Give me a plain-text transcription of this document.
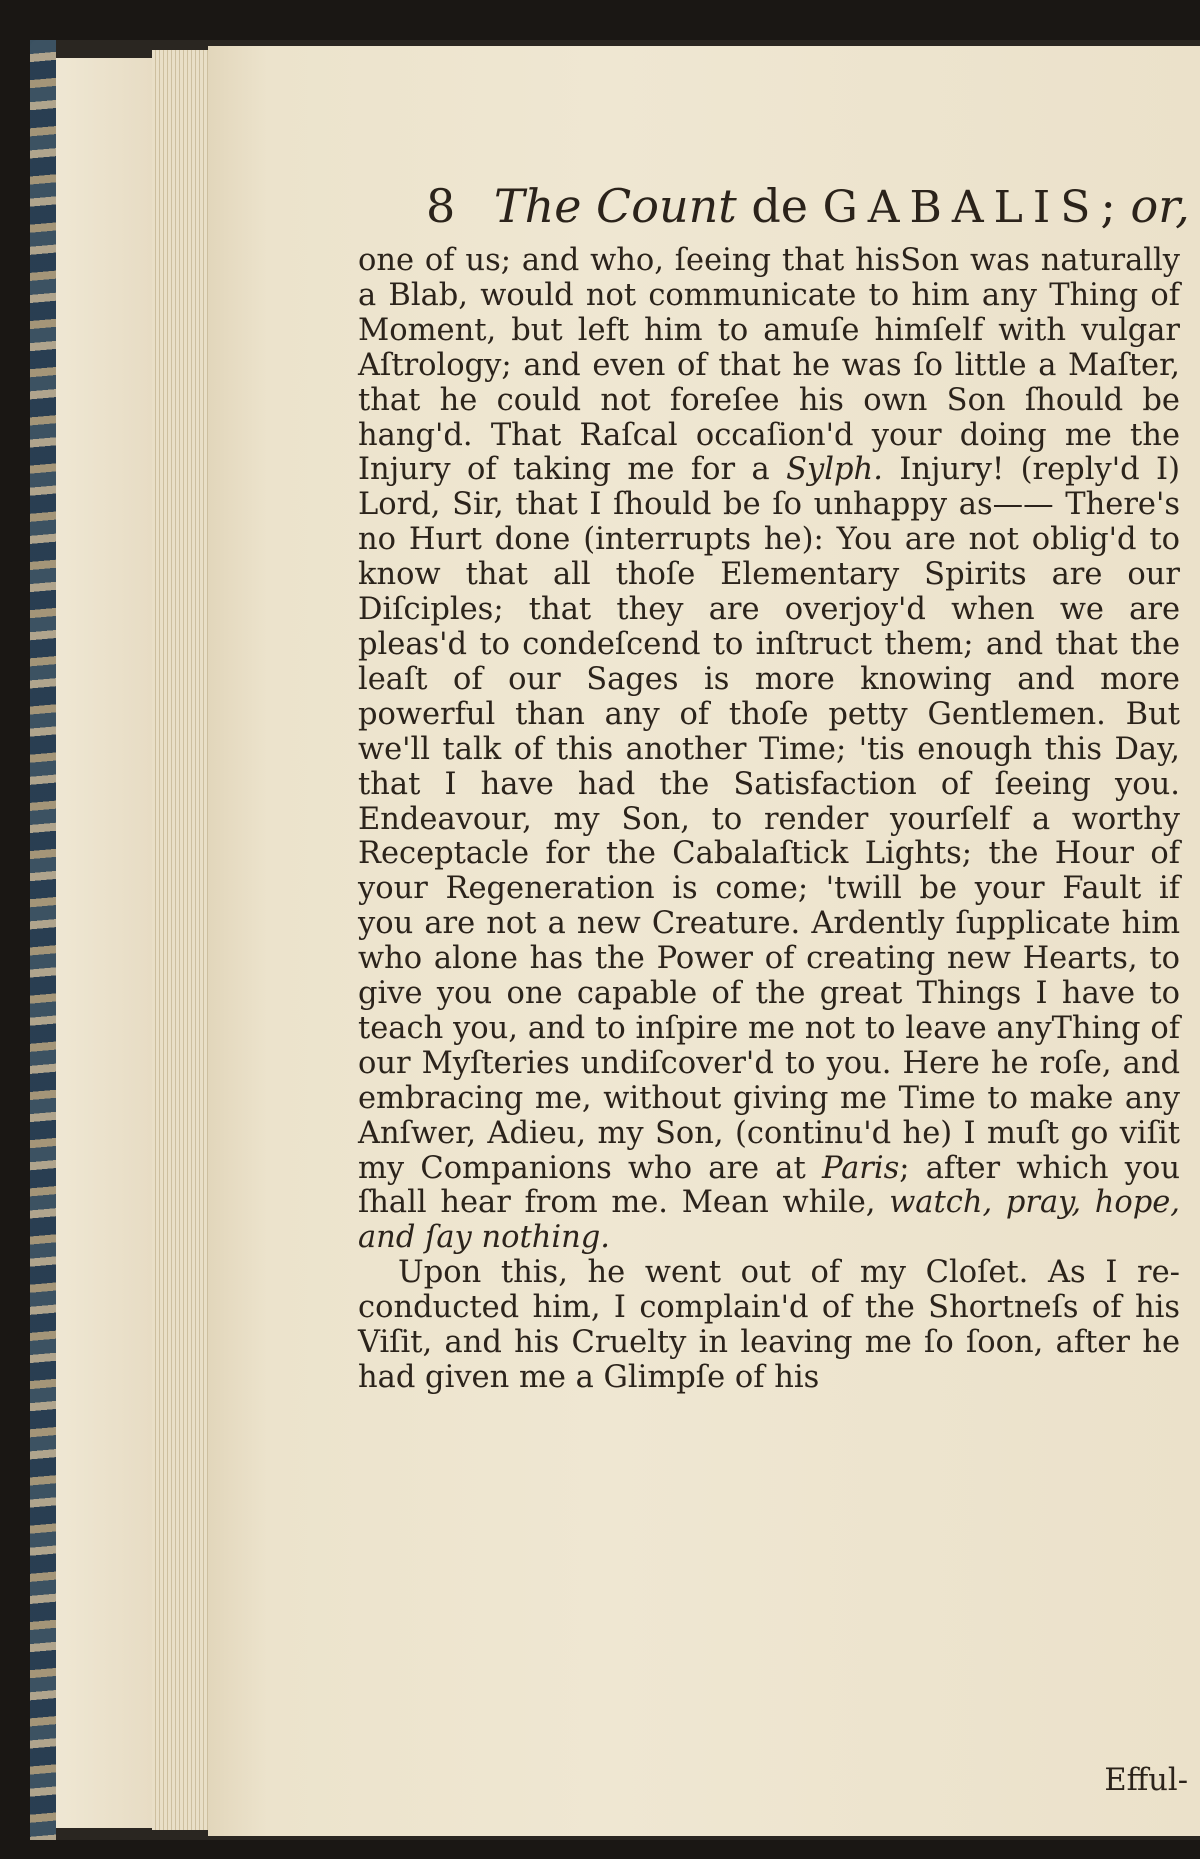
8 The Count de GABALIS; or,

one of us; and who, ſeeing that hisSon was naturally a Blab, would not communicate to him any Thing of Moment, but left him to amuſe himſelf with vulgar Aſtrology; and even of that he was ſo little a Maſter, that he could not foreſee his own Son ſhould be hang'd. That Raſcal occaſion'd your doing me the Injury of taking me for a Sylph. Injury! (reply'd I) Lord, Sir, that I ſhould be ſo unhappy as—— There's no Hurt done (interrupts he): You are not oblig'd to know that all thoſe Elementary Spirits are our Diſciples; that they are overjoy'd when we are pleas'd to condeſcend to inſtruct them; and that the leaſt of our Sages is more knowing and more powerful than any of thoſe petty Gentlemen. But we'll talk of this another Time; 'tis enough this Day, that I have had the Satisfaction of ſeeing you. Endeavour, my Son, to render yourſelf a worthy Receptacle for the Cabalaſtick Lights; the Hour of your Regeneration is come; 'twill be your Fault if you are not a new Creature. Ardently ſupplicate him who alone has the Power of creating new Hearts, to give you one capable of the great Things I have to teach you, and to inſpire me not to leave anyThing of our Myſteries undiſcover'd to you. Here he roſe, and embracing me, without giving me Time to make any Anſwer, Adieu, my Son, (continu'd he) I muſt go viſit my Companions who are at Paris; after which you ſhall hear from me. Mean while, watch, pray, hope, and ſay nothing.

Upon this, he went out of my Cloſet. As I re-conducted him, I complain'd of the Shortneſs of his Viſit, and his Cruelty in leaving me ſo ſoon, after he had given me a Glimpſe of his

Efful-
